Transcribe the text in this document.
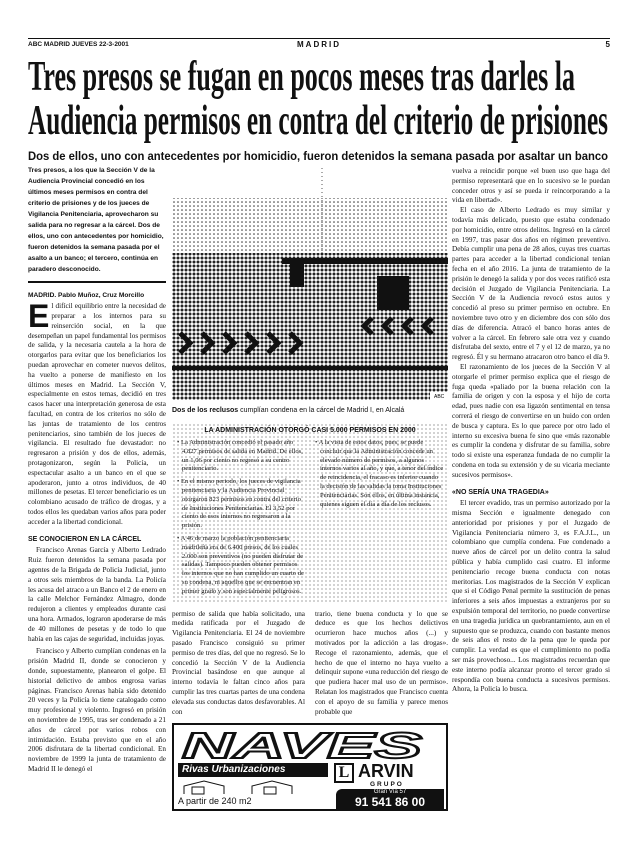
ABC MADRID JUEVES 22-3-2001	MADRID	5
Tres presos se fugan en pocos meses tras darles la
Audiencia permisos en contra del criterio de prisiones
Dos de ellos, uno con antecedentes por homicidio, fueron detenidos la semana pasada por asaltar un banco
Tres presos, a los que la Sección V de la Audiencia Provincial concedió en los últimos meses permisos en contra del criterio de prisiones y de los jueces de Vigilancia Penitenciaria, aprovecharon su salida para no regresar a la cárcel. Dos de ellos, uno con antecedentes por homicidio, fueron detenidos la semana pasada por el asalto a un banco; el tercero, continúa en paradero desconocido.
MADRID. Pablo Muñoz, Cruz Morcillo
El difícil equilibrio entre la necesidad de preparar a los internos para su reinserción social, en la que desempeñan un papel fundamental los permisos de salida, y la necesaria cautela a la hora de otorgarlos para evitar que los beneficiarios los puedan aprovechar en cometer nuevos delitos, ha vuelto a ponerse de manifiesto en los últimos meses en Madrid. La Sección V, especialmente en estos temas, decidió en tres casos hacer una interpretación generosa de esta facultad, en contra de los criterios no sólo de las juntas de tratamiento de los centros penitenciarios, sino también de los jueces de vigilancia. El resultado fue devastador: no regresaron a prisión y dos de ellos, además, protagonizaron, según la Policía, un espectacular asalto a un banco en el que se apoderaron, junto a otros individuos, de 40 millones de pesetas. El tercer beneficiario es un colombiano acusado de tráfico de drogas, y a todos ellos les quedaban varios años para poder acceder a la libertad condicional.
SE CONOCIERON EN LA CÁRCEL

Francisco Arenas García y Alberto Ledrado Ruiz fueron detenidos la semana pasada por agentes de la Brigada de Policía Judicial, junto a otros seis miembros de la banda. La Policía les acusa del atraco a un Banco el 2 de enero en la calle Melchor Fernández Almagro, donde redujeron a clientes y empleados durante casi una hora. Armados, lograron apoderarse de más de 40 millones de pesetas y de todo lo que había en las cajas de seguridad, incluidas joyas.

Francisco y Alberto cumplían condenas en la prisión Madrid II, donde se conocieron y donde, supuestamente, planearon el golpe. El historial delictivo de ambos engrosa varias páginas. Francisco Arenas había sido detenido 20 veces y la Policía lo tiene catalogado como muy profesional y violento. Ingresó en prisión en noviembre de 1995, tras ser condenado a 21 años de cárcel por varios robos con intimidación. Estaba previsto que en el año 2006 disfrutara de la libertad condicional. En noviembre de 1999 la junta de tratamiento de Madrid II le denegó el

ABC
Dos de los reclusos cumplían condena en la cárcel de Madrid I, en Alcalá
LA ADMINISTRACIÓN OTORGÓ CASI 5.000 PERMISOS EN 2000

• La Administración concedió el pasado año 4.827 permisos de salida en Madrid. De ellos, un 1,06 por ciento no regresó a su centro penitenciario.

• En el mismo periodo, los jueces de vigilancia penitenciaria y la Audiencia Provincial otorgaron 823 permisos en contra del criterio de Instituciones Penitenciarias. El 3,52 por ciento de esos internos no regresaron a la prisión.

• A 46 de marzo la población penitenciaria madrileña era de 6.400 presos, de los cuales 2.000 son preventivos (no pueden disfrutar de salidas). Tampoco pueden obtener permisos los internos que no han cumplido un cuarto de su condena, ni aquellos que se encuentran en primer grado y son especialmente peligrosos.

• A la vista de estos datos, pues, se puede concluir que la Administración concede un elevado número de permisos, a algunos internos varios al año, y que, a tenor del índice de reincidencia, el fracaso es inferior cuando la decisión de las salidas la toma Instituciones Penitenciarias. Son ellos, en última instancia, quienes siguen el día a día de los reclusos.

permiso de salida que había solicitado, una medida ratificada por el Juzgado de Vigilancia Penitenciaria. El 24 de noviembre pasado Francisco consiguió su primer permiso de tres días, del que no regresó. Se lo concedió la Sección V de la Audiencia Provincial basándose en que aunque al interno todavía le faltan cinco años para cumplir las tres cuartas partes de una condena elevada sus conductas datos desfavorables. Al con

trario, tiene buena conducta y lo que se deduce es que los hechos delictivos ocurrieron hace muchos años (...) y motivados por la adicción a las drogas». Recoge el razonamiento, además, que el hecho de que el interno no haya vuelto a delinquir supone «una reducción del riesgo de que pudiera hacer mal uso de un permiso». Relatan los magistrados que Francisco cuenta con el apoyo de su familia y parece menos probable que

NAVES
Rivas Urbanizaciones
A partir de 240 m2
L ARVIN
GRUPO
Gran Vía 57
91 541 86 00

vuelva a reincidir porque «el buen uso que haga del permiso representará que en lo sucesivo se le puedan conceder otros y así se pueda ir reincorporando a la vida en libertad».

El caso de Alberto Ledrado es muy similar y todavía más delicado, puesto que estaba condenado por homicidio, entre otros delitos. Ingresó en la cárcel en 1997, tras pasar dos años en régimen preventivo. Debía cumplir una pena de 28 años, cuyas tres cuartas partes para acceder a la libertad condicional tenían fecha en el año 2016. La junta de tratamiento de la prisión le denegó la salida y por dos veces ratificó esta decisión el Juzgado de Vigilancia Penitenciaria. La Sección V de la Audiencia revocó estos autos y concedió al preso su primer permiso en octubre. En noviembre tuvo otro y en diciembre dos con sólo dos días de diferencia. Atracó el banco horas antes de volver a la cárcel. En febrero sale otra vez y cuando disfrutaba del sexto, entre el 7 y el 12 de marzo, ya no regresó. Él y su hermano atracaron otro banco el día 9.

El razonamiento de los jueces de la Sección V al otorgarle el primer permiso explica que el riesgo de fuga queda «paliado por la buena relación con la familia de origen y con la esposa y el hijo de corta edad, pues nadie con esa ligazón sentimental en tensa correrá el riesgo de convertirse en un huido con orden de busca y captura. Es lo que parece por otro lado el interno su excesiva buena fe sino que «más razonable es cumplir la condena y disfrutar de su familia, sobre todo si existe una esperanza fundada de no cumplir la condena en toda su extensión y de su vicaria meciante sucesivos permisos».

«NO SERÍA UNA TRAGEDIA»

El tercer evadido, tras un permiso autorizado por la misma Sección e igualmente denegado con anterioridad por prisiones y por el Juzgado de Vigilancia Penitenciaria número 3, es F.A.J.L., un colombiano que cumplía condena. Fue condenado a nueve años de cárcel por un delito contra la salud pública y había cumplido casi cuatro. El informe penitenciario recoge buena conducta con notas meritorias. Los magistrados de la Sección V explican que si el Código Penal permite la sustitución de penas inferiores a seis años impuestas a extranjeros por su expulsión temporal del territorio, no puede convertirse en una tragedia jurídica un quebrantamiento, aun en el supuesto que se produzca, cuando con bastante menos de seis años el resto de la pena que le queda por cumplir. La verdad es que el cumplimiento no podía ser más provechoso... Los magistrados recuerdan que este interno podía alcanzar pronto el tercer grado si respondía con buena conducta a sucesivos permisos. Ahora, la Policía lo busca.
